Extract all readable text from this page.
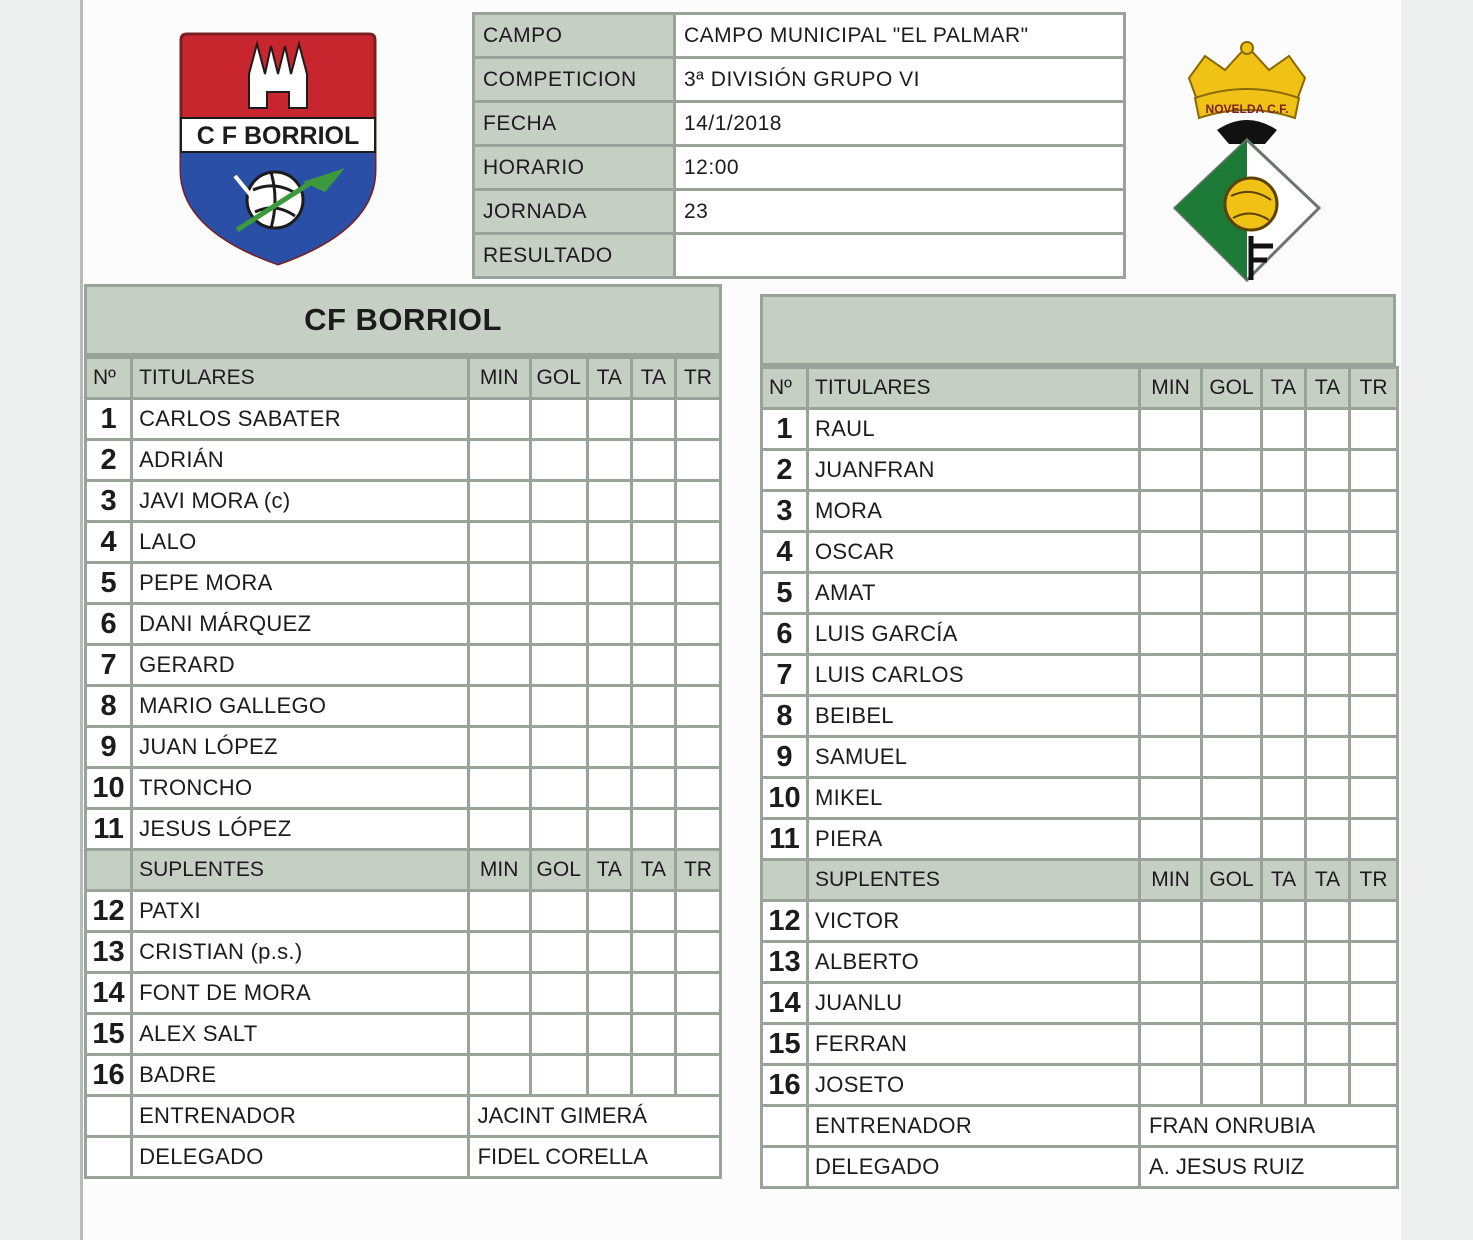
C F BORRIOL
NOVELDA C.F.
CAMPO	CAMPO MUNICIPAL "EL PALMAR"
COMPETICION	3ª DIVISIÓN GRUPO VI
FECHA	14/1/2018
HORARIO	12:00
JORNADA	23
RESULTADO	
CF BORRIOL
Nº	TITULARES	MIN	GOL	TA	TA	TR
1	CARLOS SABATER					
2	ADRIÁN					
3	JAVI MORA (c)					
4	LALO					
5	PEPE MORA					
6	DANI MÁRQUEZ					
7	GERARD					
8	MARIO GALLEGO					
9	JUAN LÓPEZ					
10	TRONCHO					
11	JESUS LÓPEZ					
	SUPLENTES	MIN	GOL	TA	TA	TR
12	PATXI					
13	CRISTIAN (p.s.)					
14	FONT DE MORA					
15	ALEX SALT					
16	BADRE					
	ENTRENADOR	JACINT GIMERÁ				
	DELEGADO	FIDEL CORELLA				
Nº	TITULARES	MIN	GOL	TA	TA	TR
1	RAUL					
2	JUANFRAN					
3	MORA					
4	OSCAR					
5	AMAT					
6	LUIS GARCÍA					
7	LUIS CARLOS					
8	BEIBEL					
9	SAMUEL					
10	MIKEL					
11	PIERA					
	SUPLENTES	MIN	GOL	TA	TA	TR
12	VICTOR					
13	ALBERTO					
14	JUANLU					
15	FERRAN					
16	JOSETO					
	ENTRENADOR	FRAN ONRUBIA				
	DELEGADO	A. JESUS RUIZ				
